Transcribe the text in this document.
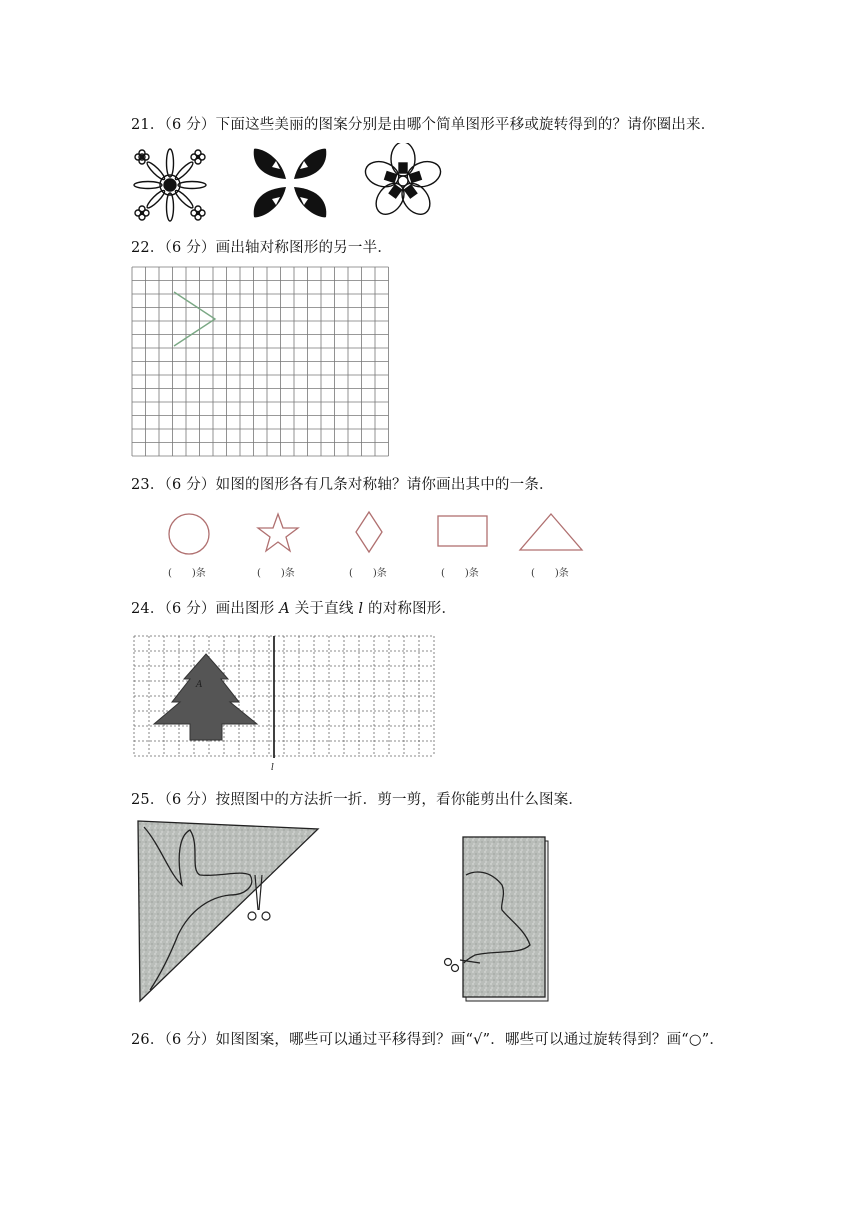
21．（6 分）下面这些美丽的图案分别是由哪个简单图形平移或旋转得到的？请你圈出来．
22．（6 分）画出轴对称图形的另一半．
23．（6 分）如图的图形各有几条对称轴？请你画出其中的一条．
(　　)条	(　　)条	(　　)条	(　　)条	(　　)条
24．（6 分）画出图形 A 关于直线 l 的对称图形．
A
l
25．（6 分）按照图中的方法折一折．剪一剪，看你能剪出什么图案．
26．（6 分）如图图案，哪些可以通过平移得到？画“√”．哪些可以通过旋转得到？画“○”．
